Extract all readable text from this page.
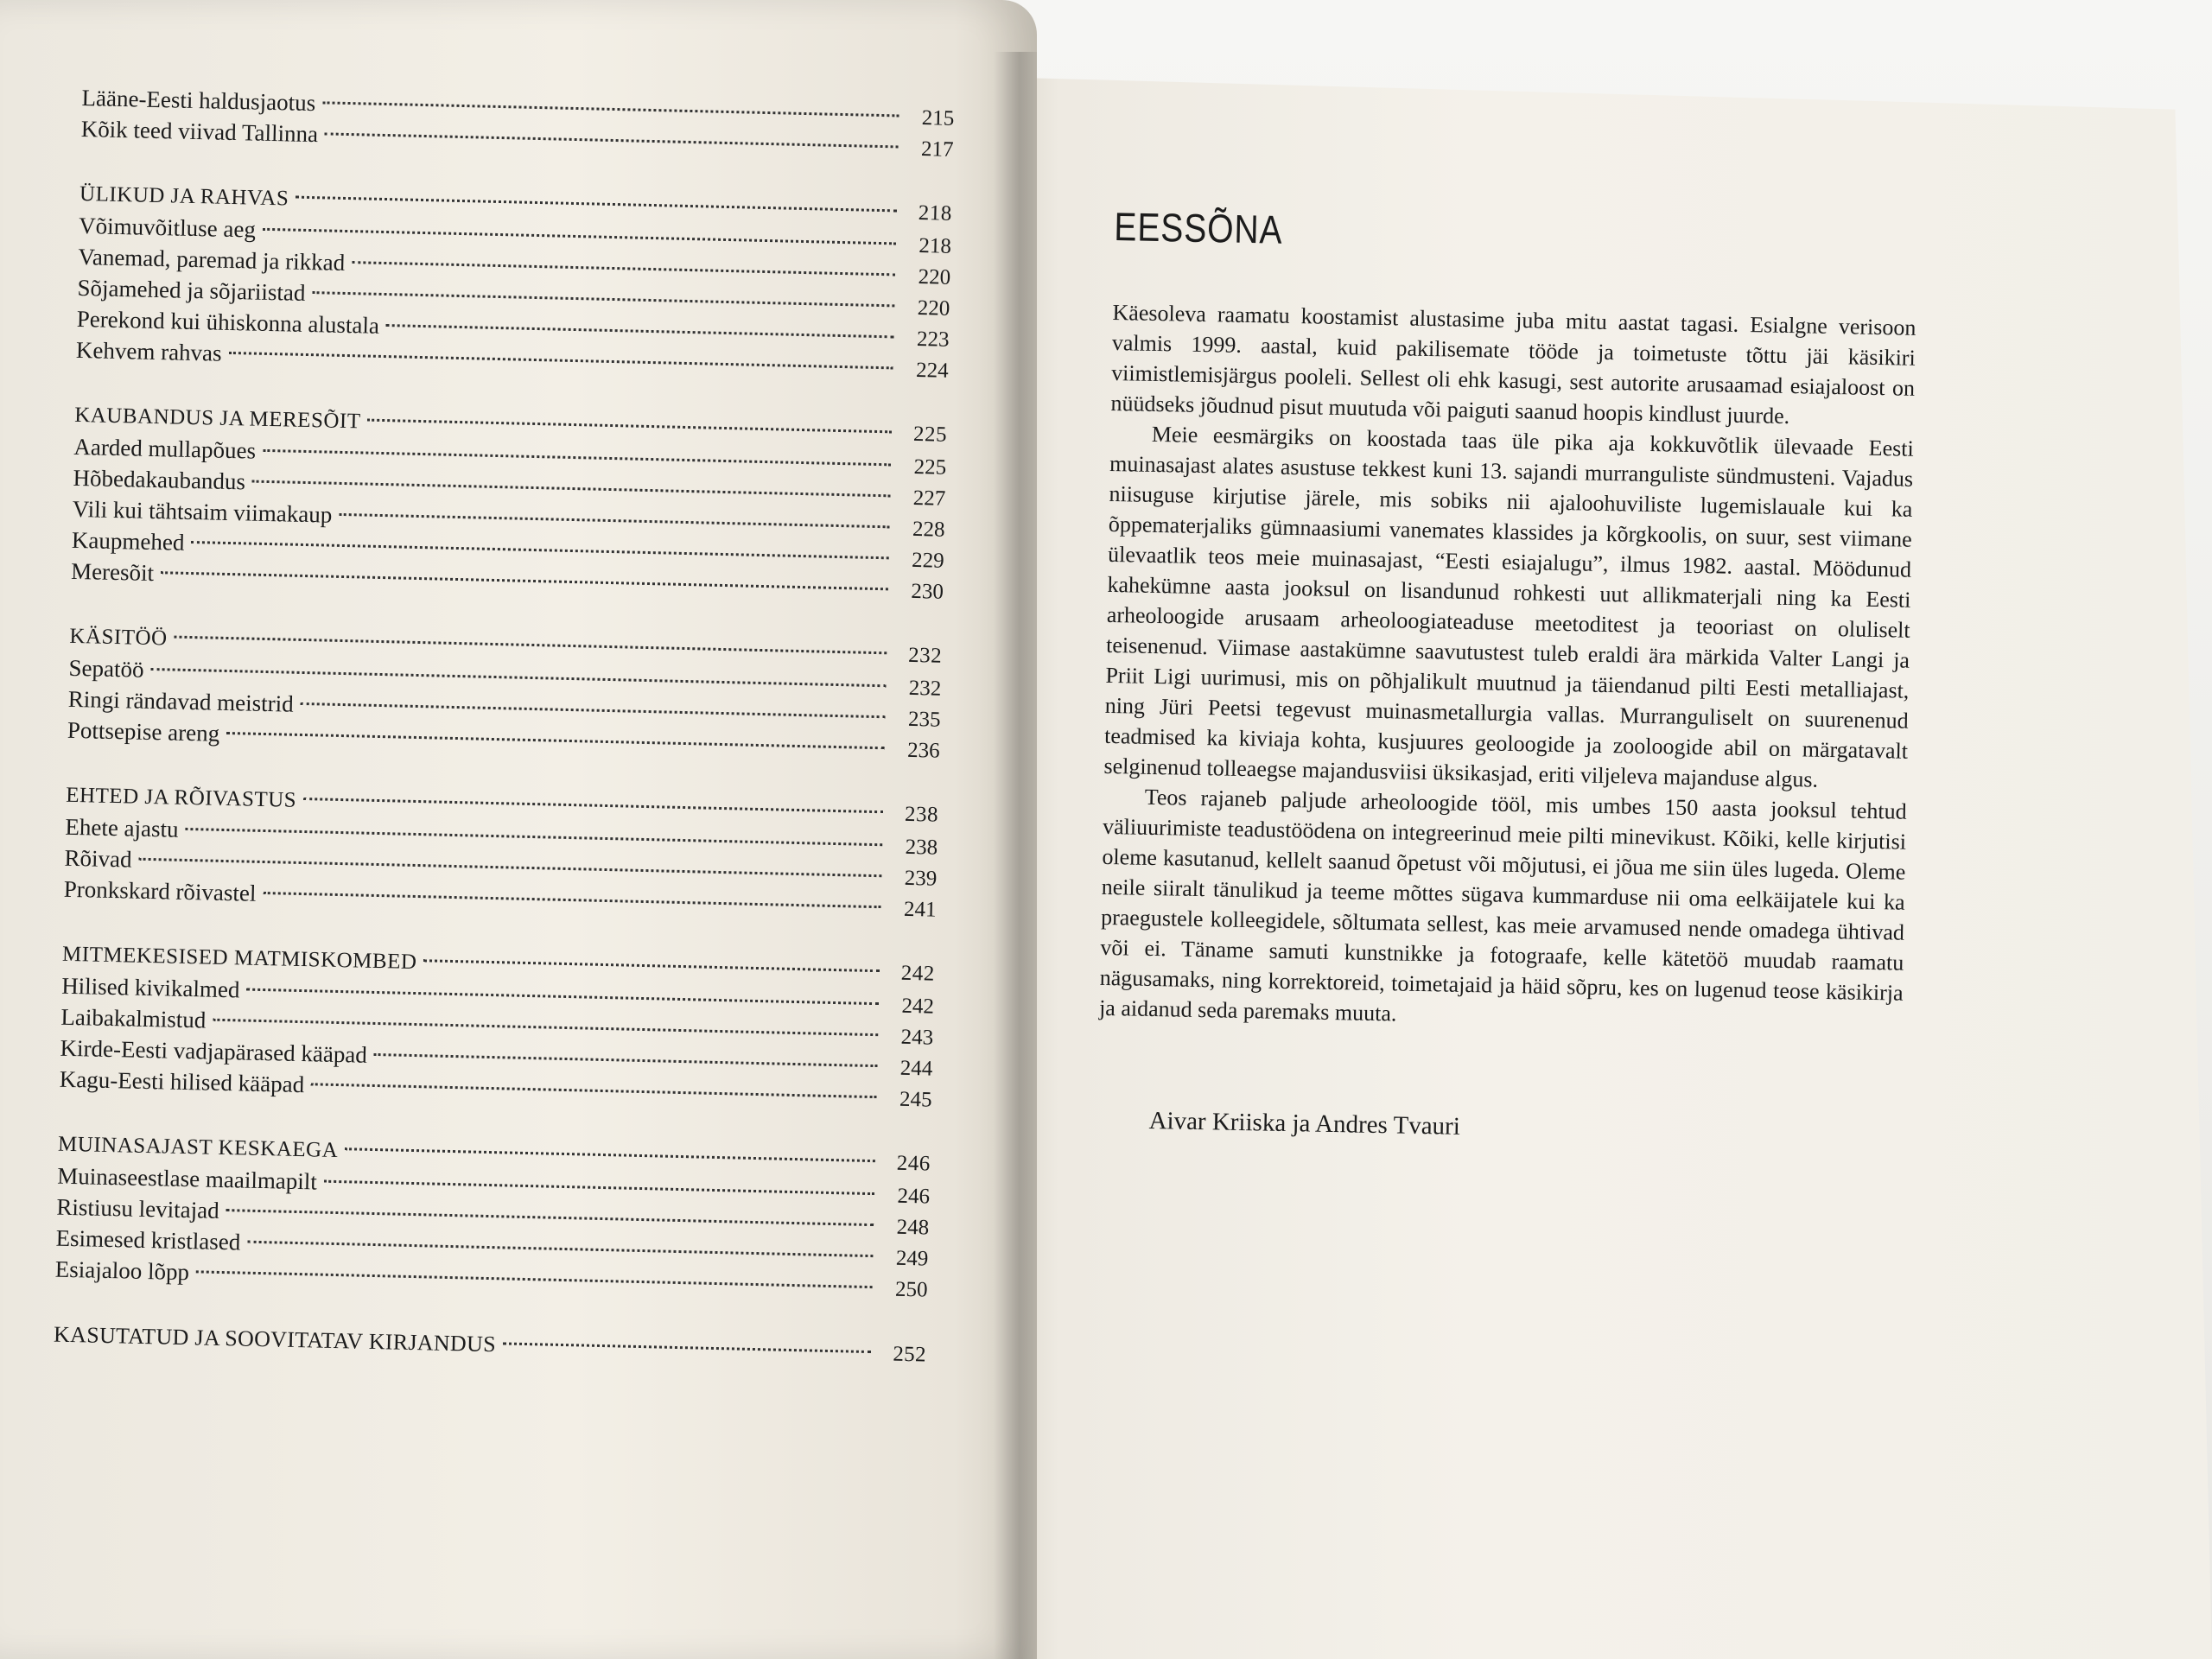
Lääne-Eesti haldusjaotus
215
Kõik teed viivad Tallinna
217
ÜLIKUD JA RAHVAS
218
Võimuvõitluse aeg
218
Vanemad, paremad ja rikkad
220
Sõjamehed ja sõjariistad
220
Perekond kui ühiskonna alustala
223
Kehvem rahvas
224
KAUBANDUS JA MERESÕIT
225
Aarded mullapõues
225
Hõbedakaubandus
227
Vili kui tähtsaim viimakaup
228
Kaupmehed
229
Meresõit
230
KÄSITÖÖ
232
Sepatöö
232
Ringi rändavad meistrid
235
Pottsepise areng
236
EHTED JA RÕIVASTUS
238
Ehete ajastu
238
Rõivad
239
Pronkskard rõivastel
241
MITMEKESISED MATMISKOMBED	242
Hilised kivikalmed
242
Laibakalmistud
243
Kirde-Eesti vadjapärased kääpad
244
Kagu-Eesti hilised kääpad
245
MUINASAJAST KESKAEGA
246
Muinaseestlase maailmapilt
246
Ristiusu levitajad
248
Esimesed kristlased
249
Esiajaloo lõpp
250
KASUTATUD JA SOOVITATAV KIRJANDUS	252
EESSÕNA

Käesoleva raamatu koostamist alustasime juba mitu aastat tagasi. Esialgne verisoon valmis 1999. aastal, kuid pakilisemate tööde ja toimetuste tõttu jäi käsikiri viimistlemisjärgus pooleli. Sellest oli ehk kasugi, sest autorite arusaamad esiajaloost on nüüdseks jõudnud pisut muutuda või paiguti saanud hoopis kindlust juurde.

Meie eesmärgiks on koostada taas üle pika aja kokkuvõtlik ülevaade Eesti muinasajast alates asustuse tekkest kuni 13. sajandi murranguliste sündmusteni. Vajadus niisuguse kirjutise järele, mis sobiks nii ajaloohuviliste lugemislauale kui ka õppematerjaliks gümnaasiumi vanemates klassides ja kõrgkoolis, on suur, sest viimane ülevaatlik teos meie muinasajast, “Eesti esiajalugu”, ilmus 1982. aastal. Möödunud kahekümne aasta jooksul on lisandunud rohkesti uut allikmaterjali ning ka Eesti arheoloogide arusaam arheoloogiateaduse meetoditest ja teooriast on oluliselt teisenenud. Viimase aastakümne saavutustest tuleb eraldi ära märkida Valter Langi ja Priit Ligi uurimusi, mis on põhjalikult muutnud ja täiendanud pilti Eesti metalliajast, ning Jüri Peetsi tegevust muinasmetallurgia vallas. Murranguliselt on suurenenud teadmised ka kiviaja kohta, kusjuures geoloogide ja zooloogide abil on märgatavalt selginenud tolleaegse majandusviisi üksikasjad, eriti viljeleva majanduse algus.

Teos rajaneb paljude arheoloogide tööl, mis umbes 150 aasta jooksul tehtud väliuurimiste teadustöödena on integreerinud meie pilti minevikust. Kõiki, kelle kirjutisi oleme kasutanud, kellelt saanud õpetust või mõjutusi, ei jõua me siin üles lugeda. Oleme neile siiralt tänulikud ja teeme mõttes sügava kummarduse nii oma eelkäijatele kui ka praegustele kolleegidele, sõltumata sellest, kas meie arvamused nende omadega ühtivad või ei. Täname samuti kunstnikke ja fotograafe, kelle kätetöö muudab raamatu nägusamaks, ning korrektoreid, toimetajaid ja häid sõpru, kes on lugenud teose käsikirja ja aidanud seda paremaks muuta.

Aivar Kriiska ja Andres Tvauri
